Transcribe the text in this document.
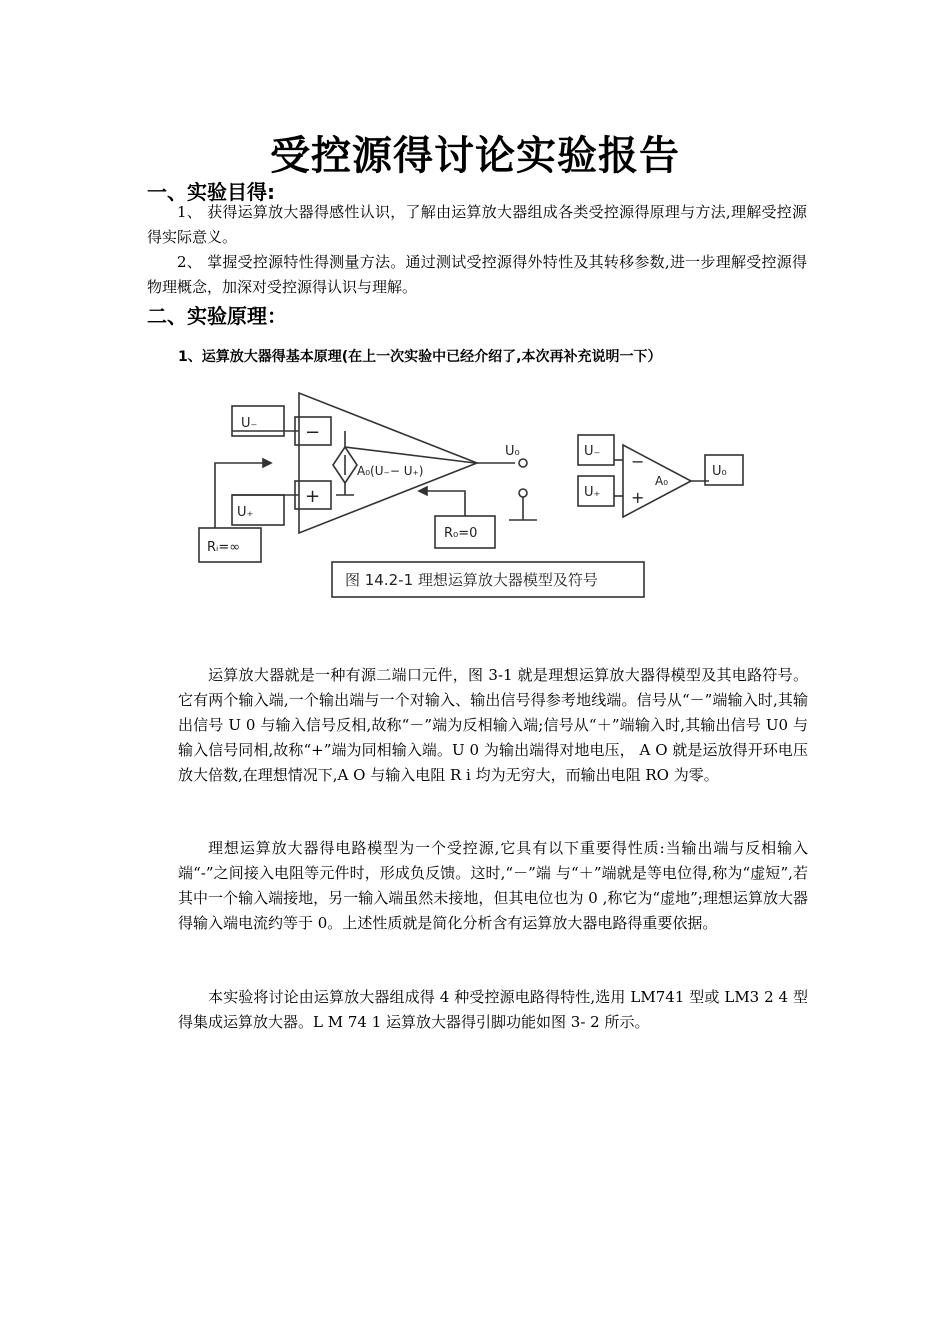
受控源得讨论实验报告
一、实验目得:
1、 获得运算放大器得感性认识，了解由运算放大器组成各类受控源得原理与方法,理解受控源得实际意义。
2、 掌握受控源特性得测量方法。通过测试受控源得外特性及其转移参数,进一步理解受控源得物理概念，加深对受控源得认识与理解。
二、实验原理：
1、运算放大器得基本原理(在上一次实验中已经介绍了,本次再补充说明一下）
U₋
U₊
Rᵢ=∞
−
+
A₀(U₋− U₊)
U₀
R₀=0
图 14.2-1 理想运算放大器模型及符号
U₋
U₊
−
+
A₀
U₀
运算放大器就是一种有源二端口元件，图 3-1 就是理想运算放大器得模型及其电路符号。它有两个输入端,一个输出端与一个对输入、输出信号得参考地线端。信号从“－”端输入时,其输出信号 U 0 与输入信号反相,故称“－”端为反相输入端;信号从“＋”端输入时,其输出信号 U0 与输入信号同相,故称“+”端为同相输入端。U 0 为输出端得对地电压， A O 就是运放得开环电压放大倍数,在理想情况下,A O 与输入电阻 R i 均为无穷大，而输出电阻 RO 为零。
理想运算放大器得电路模型为一个受控源,它具有以下重要得性质:当输出端与反相输入端“-”之间接入电阻等元件时，形成负反馈。这时,“－”端 与“＋”端就是等电位得,称为“虚短”,若其中一个输入端接地，另一输入端虽然未接地，但其电位也为 0 ,称它为“虚地”;理想运算放大器得输入端电流约等于 0。上述性质就是简化分析含有运算放大器电路得重要依据。
本实验将讨论由运算放大器组成得 4 种受控源电路得特性,选用 LM741 型或 LM3 2 4 型得集成运算放大器。L M 74 1 运算放大器得引脚功能如图 3- 2 所示。
